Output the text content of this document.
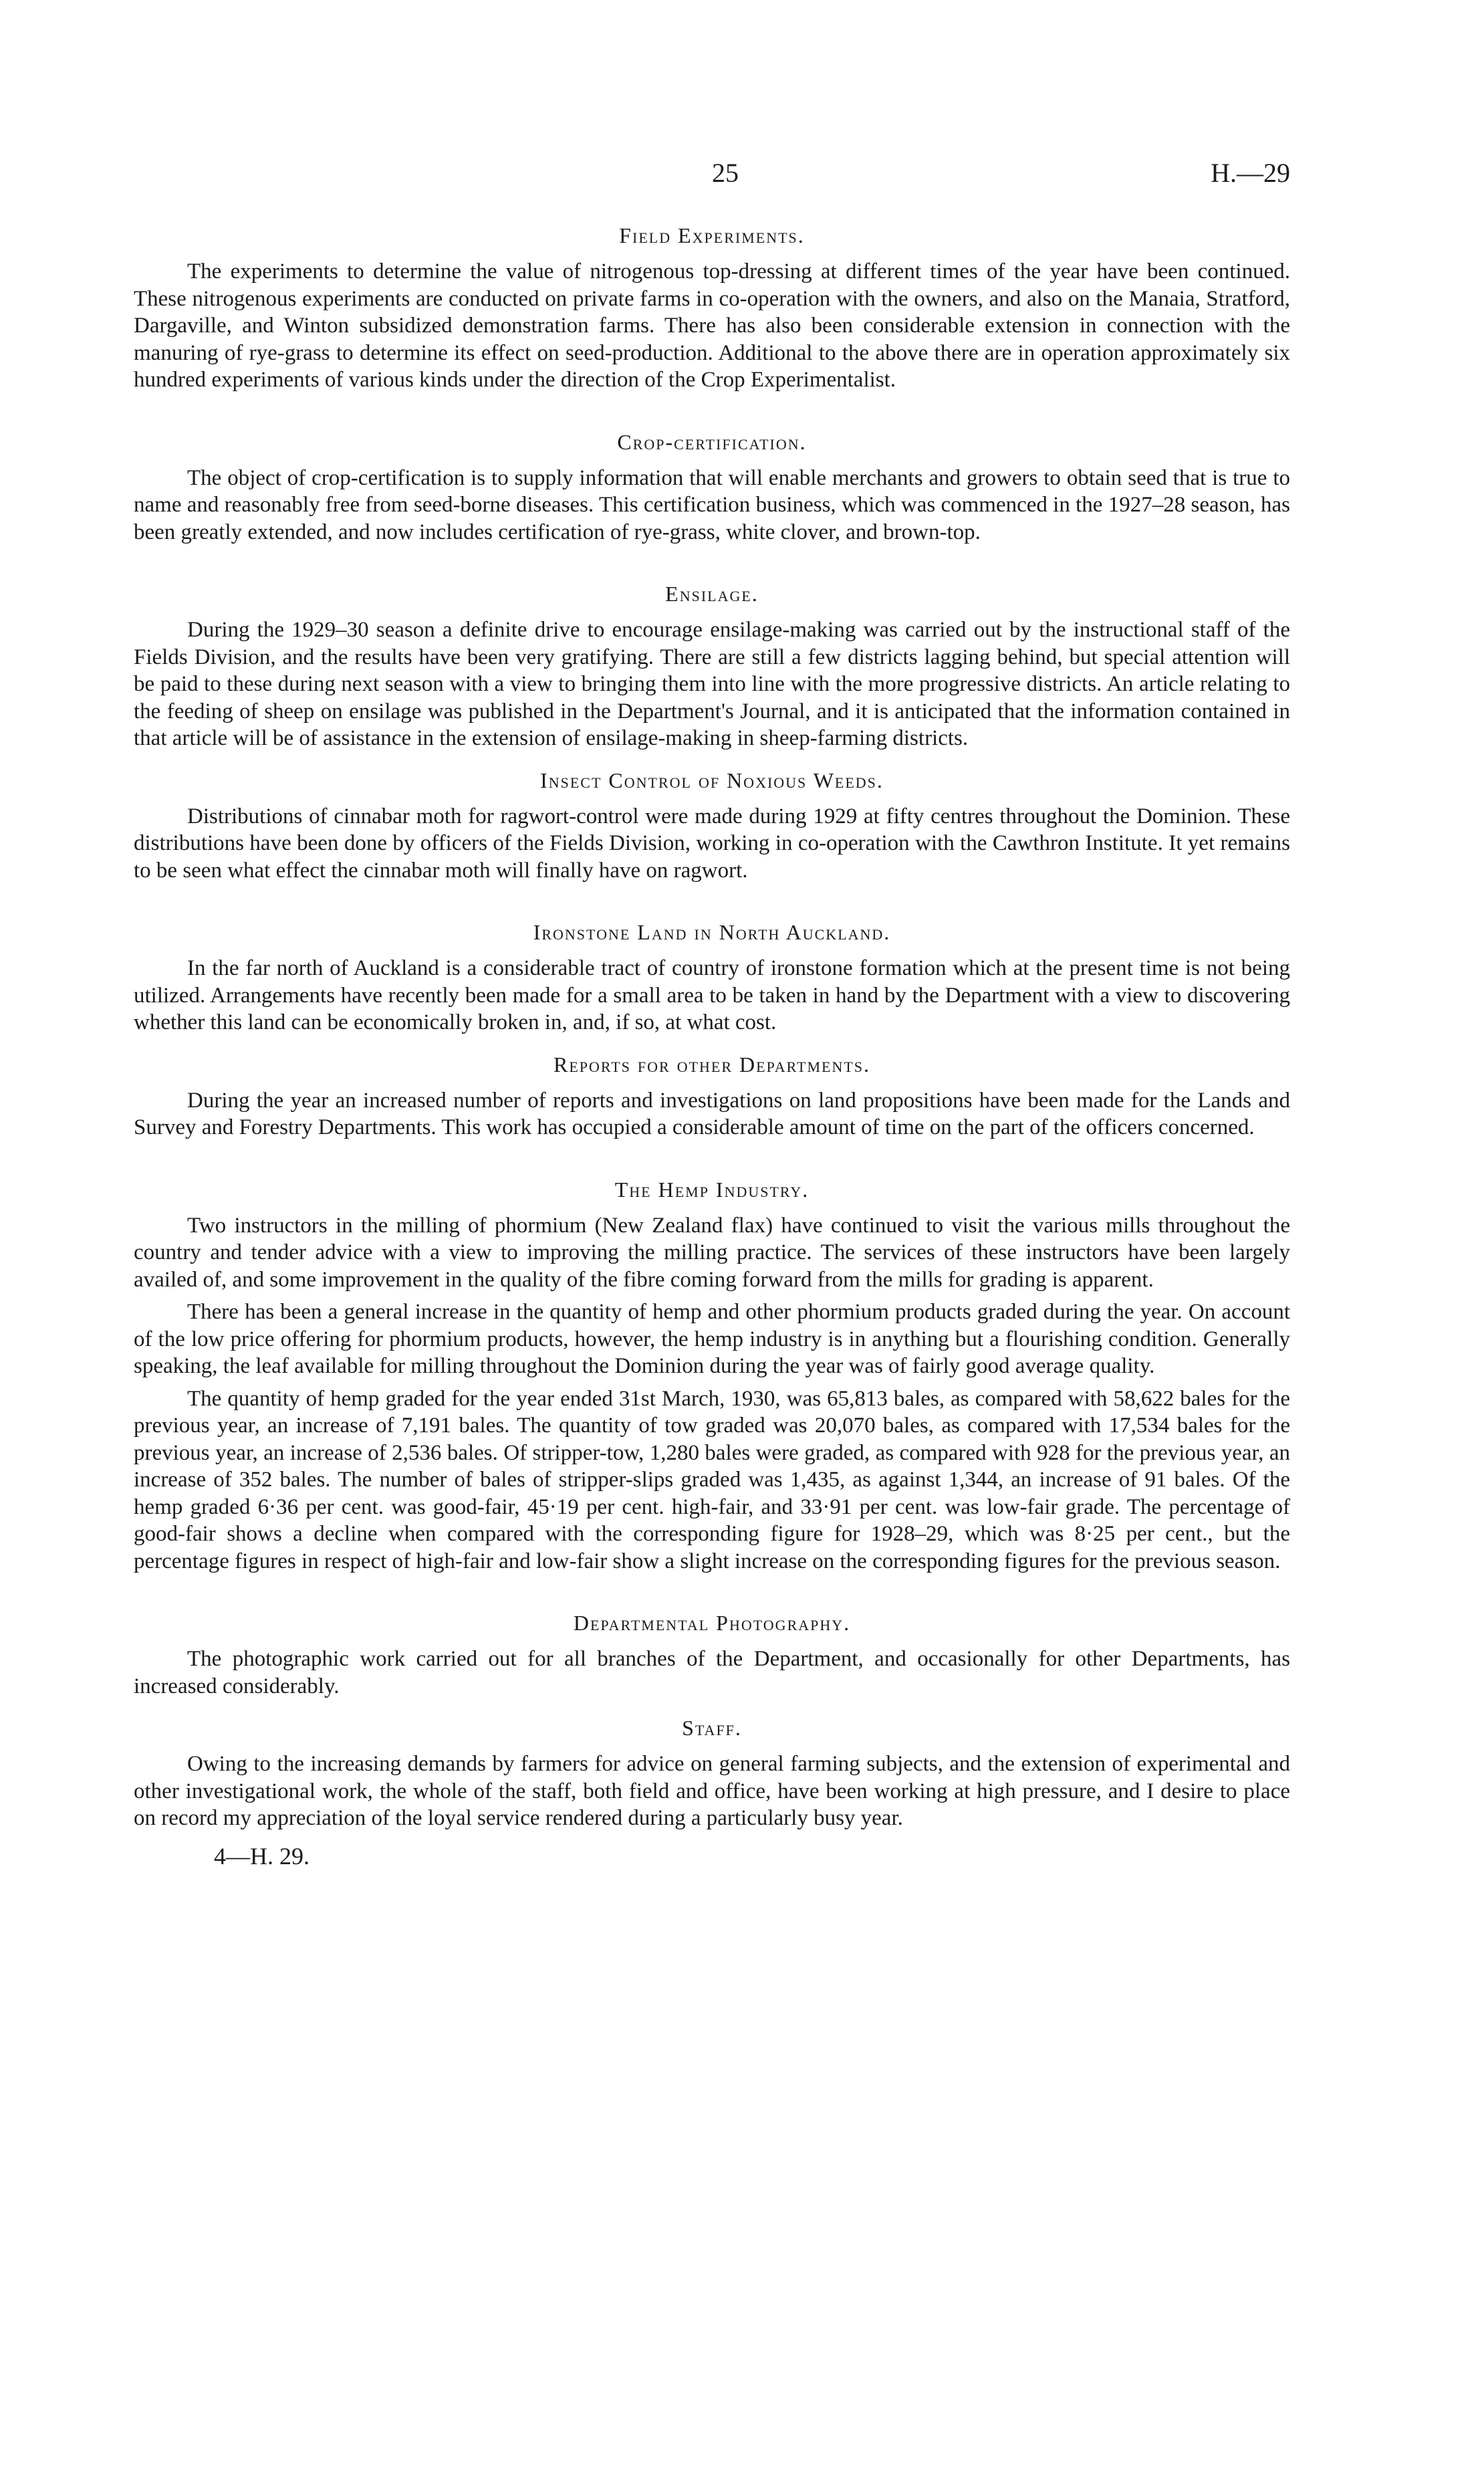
25	H.—29
Field Experiments.

The experiments to determine the value of nitrogenous top-dressing at different times of the year have been continued. These nitrogenous experiments are conducted on private farms in co-operation with the owners, and also on the Manaia, Stratford, Dargaville, and Winton subsidized demonstration farms. There has also been considerable extension in connection with the manuring of rye-grass to determine its effect on seed-production. Additional to the above there are in operation approximately six hundred experiments of various kinds under the direction of the Crop Experimentalist.

Crop-certification.

The object of crop-certification is to supply information that will enable merchants and growers to obtain seed that is true to name and reasonably free from seed-borne diseases. This certification business, which was commenced in the 1927–28 season, has been greatly extended, and now includes certification of rye-grass, white clover, and brown-top.

Ensilage.

During the 1929–30 season a definite drive to encourage ensilage-making was carried out by the instructional staff of the Fields Division, and the results have been very gratifying. There are still a few districts lagging behind, but special attention will be paid to these during next season with a view to bringing them into line with the more progressive districts. An article relating to the feeding of sheep on ensilage was published in the Department's Journal, and it is anticipated that the information contained in that article will be of assistance in the extension of ensilage-making in sheep-farming districts.

Insect Control of Noxious Weeds.

Distributions of cinnabar moth for ragwort-control were made during 1929 at fifty centres throughout the Dominion. These distributions have been done by officers of the Fields Division, working in co-operation with the Cawthron Institute. It yet remains to be seen what effect the cinnabar moth will finally have on ragwort.

Ironstone Land in North Auckland.

In the far north of Auckland is a considerable tract of country of ironstone formation which at the present time is not being utilized. Arrangements have recently been made for a small area to be taken in hand by the Department with a view to discovering whether this land can be economically broken in, and, if so, at what cost.

Reports for other Departments.

During the year an increased number of reports and investigations on land propositions have been made for the Lands and Survey and Forestry Departments. This work has occupied a considerable amount of time on the part of the officers concerned.

The Hemp Industry.

Two instructors in the milling of phormium (New Zealand flax) have continued to visit the various mills throughout the country and tender advice with a view to improving the milling practice. The services of these instructors have been largely availed of, and some improvement in the quality of the fibre coming forward from the mills for grading is apparent.

There has been a general increase in the quantity of hemp and other phormium products graded during the year. On account of the low price offering for phormium products, however, the hemp industry is in anything but a flourishing condition. Generally speaking, the leaf available for milling throughout the Dominion during the year was of fairly good average quality.

The quantity of hemp graded for the year ended 31st March, 1930, was 65,813 bales, as compared with 58,622 bales for the previous year, an increase of 7,191 bales. The quantity of tow graded was 20,070 bales, as compared with 17,534 bales for the previous year, an increase of 2,536 bales. Of stripper-tow, 1,280 bales were graded, as compared with 928 for the previous year, an increase of 352 bales. The number of bales of stripper-slips graded was 1,435, as against 1,344, an increase of 91 bales. Of the hemp graded 6·36 per cent. was good-fair, 45·19 per cent. high-fair, and 33·91 per cent. was low-fair grade. The percentage of good-fair shows a decline when compared with the corresponding figure for 1928–29, which was 8·25 per cent., but the percentage figures in respect of high-fair and low-fair show a slight increase on the corresponding figures for the previous season.

Departmental Photography.

The photographic work carried out for all branches of the Department, and occasionally for other Departments, has increased considerably.

Staff.

Owing to the increasing demands by farmers for advice on general farming subjects, and the extension of experimental and other investigational work, the whole of the staff, both field and office, have been working at high pressure, and I desire to place on record my appreciation of the loyal service rendered during a particularly busy year.

4—H. 29.
